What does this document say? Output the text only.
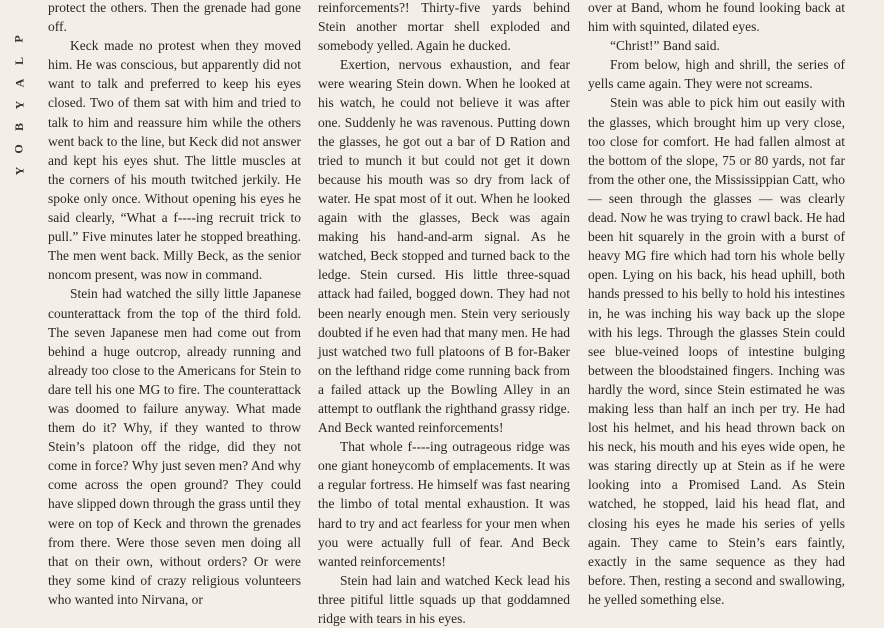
P
L
A
Y
B
O
Y

protect the others. Then the grenade had gone off.

Keck made no protest when they moved him. He was conscious, but apparently did not want to talk and preferred to keep his eyes closed. Two of them sat with him and tried to talk to him and reassure him while the others went back to the line, but Keck did not answer and kept his eyes shut. The little muscles at the corners of his mouth twitched jerkily. He spoke only once. Without opening his eyes he said clearly, “What a f----ing recruit trick to pull.” Five minutes later he stopped breathing. The men went back. Milly Beck, as the senior noncom present, was now in command.

Stein had watched the silly little Japanese counterattack from the top of the third fold. The seven Japanese men had come out from behind a huge outcrop, already running and already too close to the Americans for Stein to dare tell his one MG to fire. The counterattack was doomed to failure anyway. What made them do it? Why, if they wanted to throw Stein’s platoon off the ridge, did they not come in force? Why just seven men? And why come across the open ground? They could have slipped down through the grass until they were on top of Keck and thrown the grenades from there. Were those seven men doing all that on their own, without orders? Or were they some kind of crazy religious volunteers who wanted into Nirvana, or

reinforcements?! Thirty-five yards behind Stein another mortar shell exploded and somebody yelled. Again he ducked.

Exertion, nervous exhaustion, and fear were wearing Stein down. When he looked at his watch, he could not believe it was after one. Suddenly he was ravenous. Putting down the glasses, he got out a bar of D Ration and tried to munch it but could not get it down because his mouth was so dry from lack of water. He spat most of it out. When he looked again with the glasses, Beck was again making his hand-and-arm signal. As he watched, Beck stopped and turned back to the ledge. Stein cursed. His little three-squad attack had failed, bogged down. They had not been nearly enough men. Stein very seriously doubted if he even had that many men. He had just watched two full platoons of B for-Baker on the lefthand ridge come running back from a failed attack up the Bowling Alley in an attempt to outflank the righthand grassy ridge. And Beck wanted reinforcements!

That whole f----ing outrageous ridge was one giant honeycomb of emplacements. It was a regular fortress. He himself was fast nearing the limbo of total mental exhaustion. It was hard to try and act fearless for your men when you were actually full of fear. And Beck wanted reinforcements!

Stein had lain and watched Keck lead his three pitiful little squads up that goddamned ridge with tears in his eyes.

over at Band, whom he found looking back at him with squinted, dilated eyes.

“Christ!” Band said.

From below, high and shrill, the series of yells came again. They were not screams.

Stein was able to pick him out easily with the glasses, which brought him up very close, too close for comfort. He had fallen almost at the bottom of the slope, 75 or 80 yards, not far from the other one, the Mississippian Catt, who — seen through the glasses — was clearly dead. Now he was trying to crawl back. He had been hit squarely in the groin with a burst of heavy MG fire which had torn his whole belly open. Lying on his back, his head uphill, both hands pressed to his belly to hold his intestines in, he was inching his way back up the slope with his legs. Through the glasses Stein could see blue-veined loops of intestine bulging between the bloodstained fingers. Inching was hardly the word, since Stein estimated he was making less than half an inch per try. He had lost his helmet, and his head thrown back on his neck, his mouth and his eyes wide open, he was staring directly up at Stein as if he were looking into a Promised Land. As Stein watched, he stopped, laid his head flat, and closing his eyes he made his series of yells again. They came to Stein’s ears faintly, exactly in the same sequence as they had before. Then, resting a second and swallowing, he yelled something else.
